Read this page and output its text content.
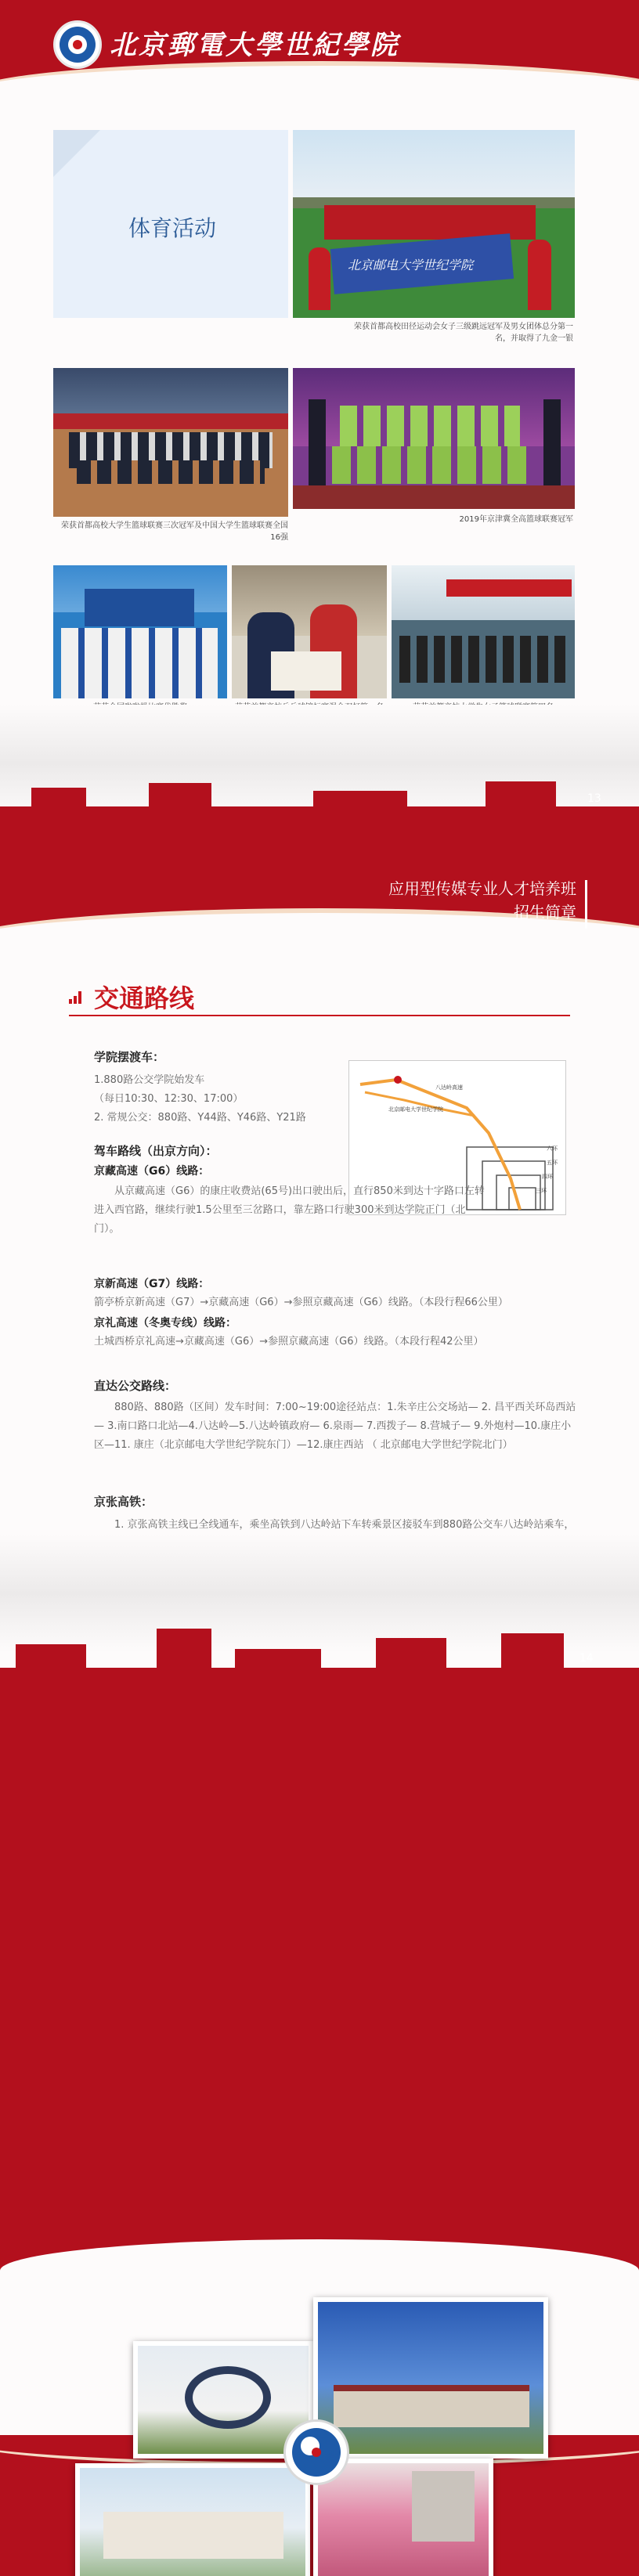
北京郵電大學世紀學院
体育活动
北京邮电大学世纪学院
荣获首都高校田径运动会女子三级跳远冠军及男女团体总分第一名，并取得了九金一银
荣获首都高校大学生篮球联赛三次冠军及中国大学生篮球联赛全国16强
2019年京津冀全高篮球联赛冠军
13
应用型传媒专业人才培养班
招生简章
交通路线
学院摆渡车：
1.880路公交学院始发车
（每日10:30、12:30、17:00）
2. 常规公交：880路、Y44路、Y46路、Y21路
北京邮电大学世纪学院
八达岭高速
六环
五环
四环
三环
驾车路线（出京方向）：
京藏高速（G6）线路：
从京藏高速（G6）的康庄收费站(65号)出口驶出后，直行850米到达十字路口左转进入西官路，继续行驶1.5公里至三岔路口，靠左路口行驶300米到达学院正门（北门）。
京新高速（G7）线路：
箭亭桥京新高速（G7）→京藏高速（G6）→参照京藏高速（G6）线路。（本段行程66公里）
京礼高速（冬奥专线）线路：
土城西桥京礼高速→京藏高速（G6）→参照京藏高速（G6）线路。（本段行程42公里）
直达公交路线：
880路、880路（区间）发车时间：7:00~19:00途径站点：1.朱辛庄公交场站— 2. 昌平西关环岛西站— 3.南口路口北站—4.八达岭—5.八达岭镇政府— 6.泉雨— 7.西拨子— 8.营城子— 9.外炮村—10.康庄小区—11. 康庄（北京邮电大学世纪学院东门）—12.康庄西站 （ 北京邮电大学世纪学院北门）
京张高铁：
1. 京张高铁主线已全线通车，乘坐高铁到八达岭站下车转乘景区接驳车到880路公交车八达岭站乘车，
14
